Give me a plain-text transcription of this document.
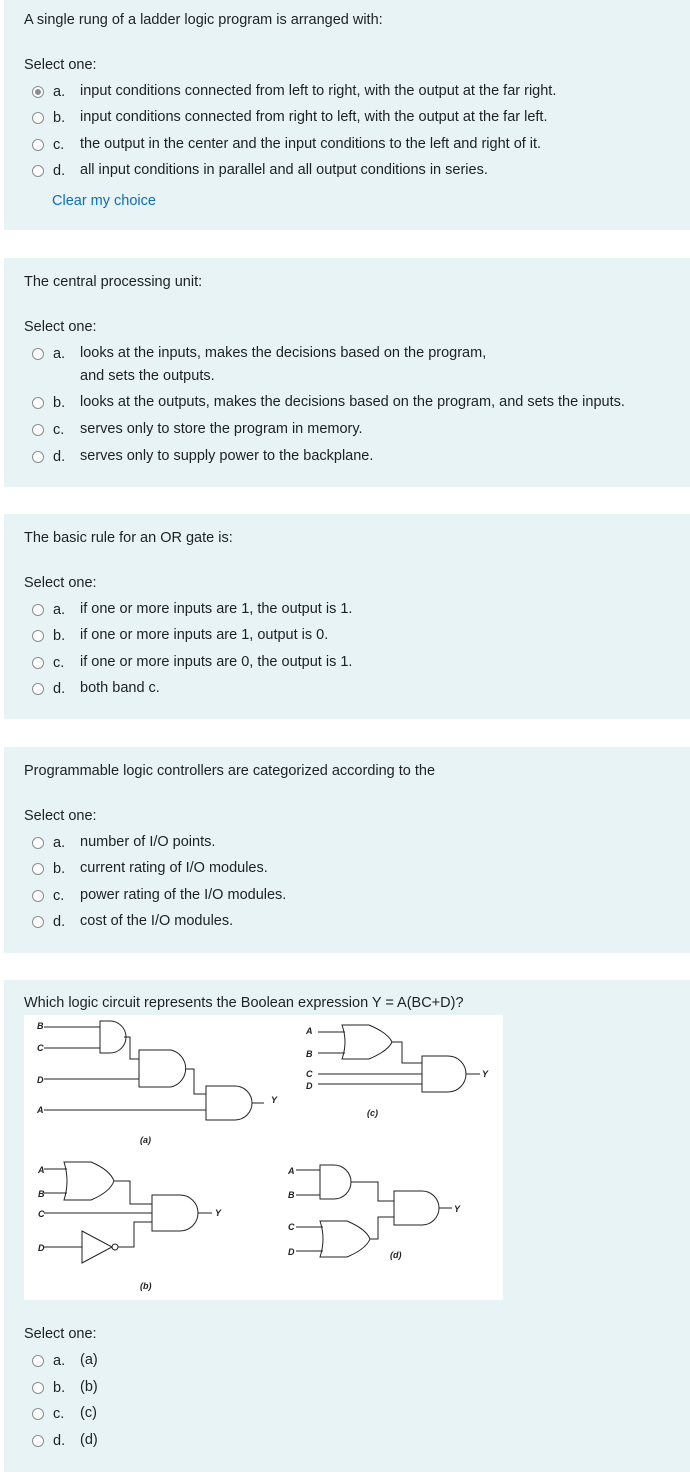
A single rung of a ladder logic program is arranged with:
Select one:
a.	input conditions connected from left to right, with the output at the far right.
b.	input conditions connected from right to left, with the output at the far left.
c.	the output in the center and the input conditions to the left and right of it.
d.	all input conditions in parallel and all output conditions in series.
Clear my choice
The central processing unit:
Select one:
a.	looks at the inputs, makes the decisions based on the program,
and sets the outputs.
b.	looks at the outputs, makes the decisions based on the program, and sets the inputs.
c.	serves only to store the program in memory.
d.	serves only to supply power to the backplane.
The basic rule for an OR gate is:
Select one:
a.	if one or more inputs are 1, the output is 1.
b.	if one or more inputs are 1, output is 0.
c.	if one or more inputs are 0, the output is 1.
d.	both band c.
Programmable logic controllers are categorized according to the
Select one:
a.	number of I/O points.
b.	current rating of I/O modules.
c.	power rating of the I/O modules.
d.	cost of the I/O modules.
Which logic circuit represents the Boolean expression Y = A(BC+D)?
Select one:
a.	(a)
b.	(b)
c.	(c)
d.	(d)
B
C
D
A
Y
(a)
A
B
C
D
Y
(c)
A
B
C
D
Y
(b)
A
B
C
D
Y
(d)
